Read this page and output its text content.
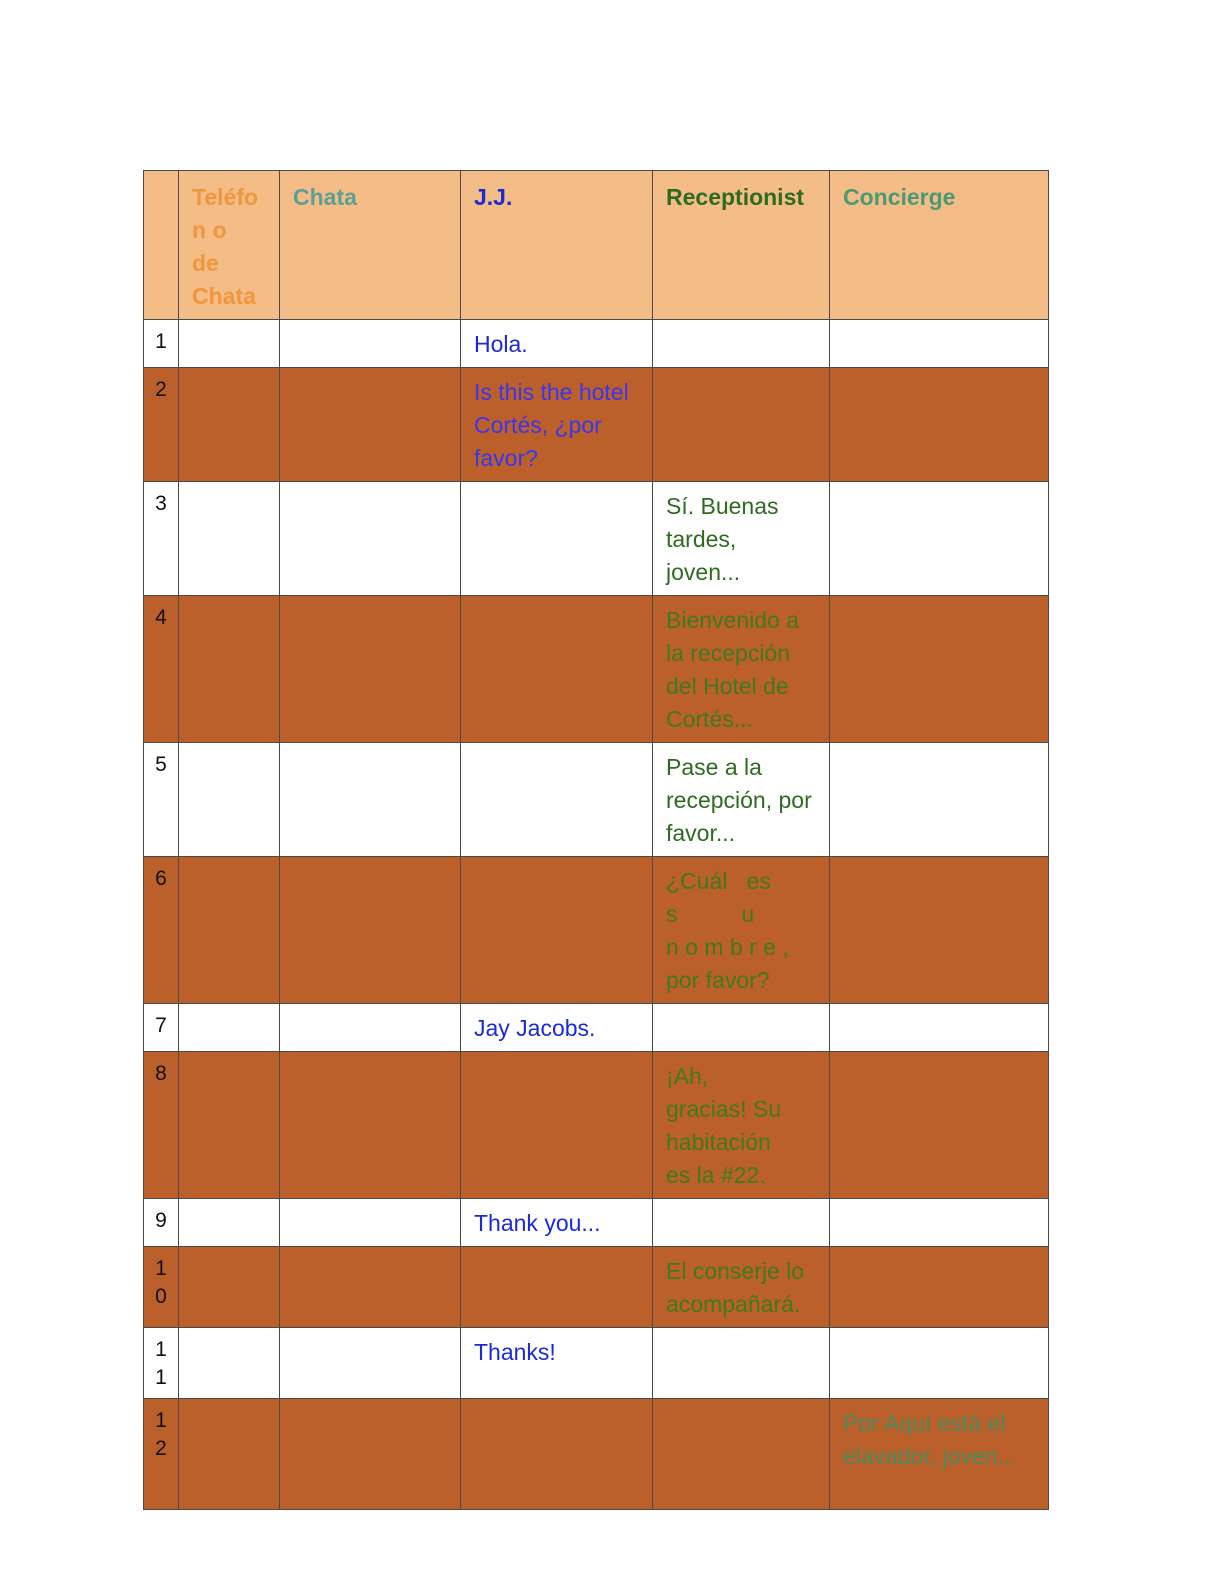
	Teléfo
n o
de
Chata	Chata	J.J.	Receptionist	Concierge

1			Hola.		

2			Is this the hotel Cortés, ¿por favor?		

3				Sí. Buenas tardes, joven...	

4				Bienvenido a la recepción del Hotel de Cortés...	

5				Pase a la recepción, por favor...	

6				¿Cuál   es
s          u
n o m b r e ,
por favor?	

7			Jay Jacobs.		

8				¡Ah,
gracias! Su
habitación
es la #22.	

9			Thank you...		

1
0				El conserje lo acompañará.	

1
1			Thanks!		

1
2					Por Aquí está el elavador, joven...
